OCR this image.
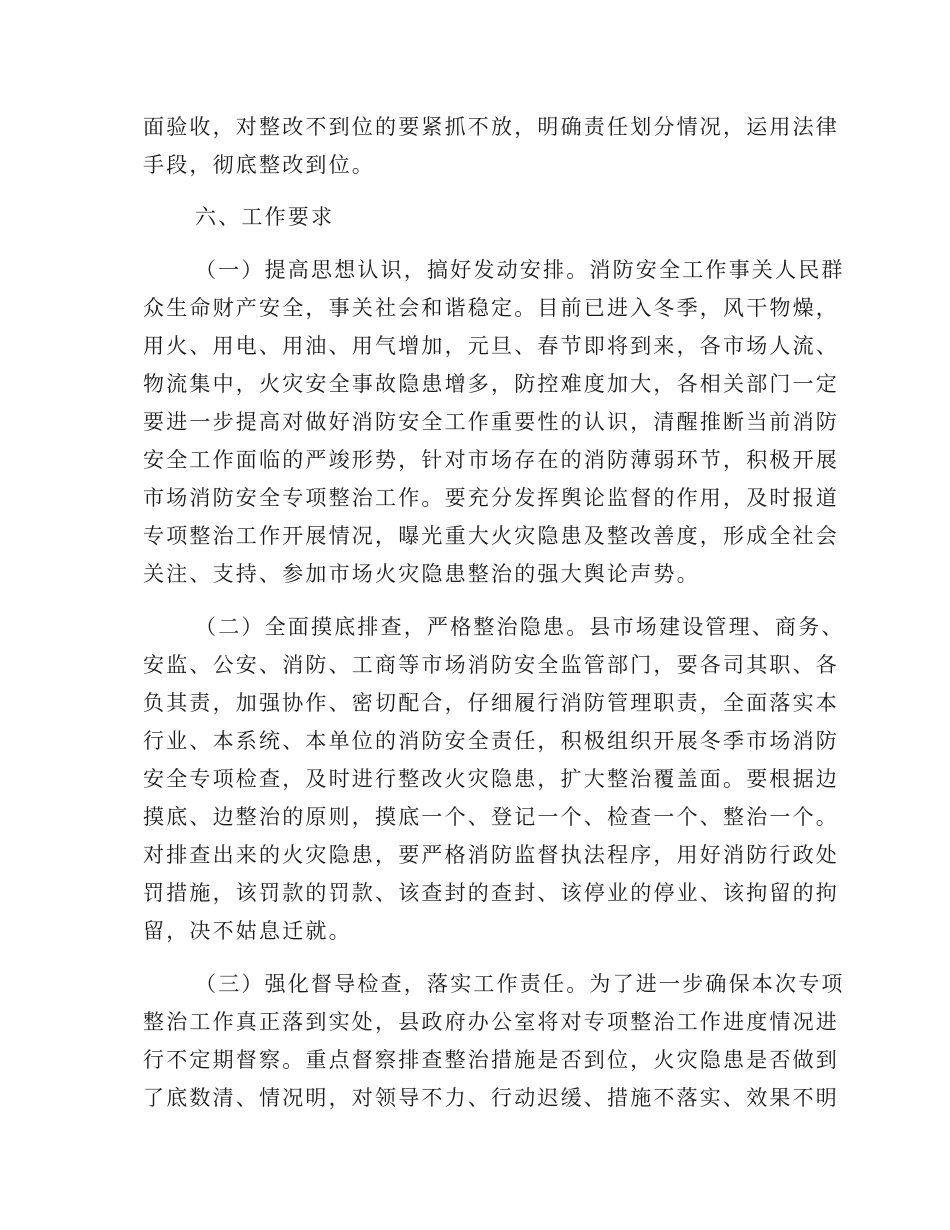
面验收，对整改不到位的要紧抓不放，明确责任划分情况，运用法律
手段，彻底整改到位。
六、工作要求
（一）提高思想认识，搞好发动安排。消防安全工作事关人民群
众生命财产安全，事关社会和谐稳定。目前已进入冬季，风干物燥，
用火、用电、用油、用气增加，元旦、春节即将到来，各市场人流、
物流集中，火灾安全事故隐患增多，防控难度加大，各相关部门一定
要进一步提高对做好消防安全工作重要性的认识，清醒推断当前消防
安全工作面临的严竣形势，针对市场存在的消防薄弱环节，积极开展
市场消防安全专项整治工作。要充分发挥舆论监督的作用，及时报道
专项整治工作开展情况，曝光重大火灾隐患及整改善度，形成全社会
关注、支持、参加市场火灾隐患整治的强大舆论声势。
（二）全面摸底排查，严格整治隐患。县市场建设管理、商务、
安监、公安、消防、工商等市场消防安全监管部门，要各司其职、各
负其责，加强协作、密切配合，仔细履行消防管理职责，全面落实本
行业、本系统、本单位的消防安全责任，积极组织开展冬季市场消防
安全专项检查，及时进行整改火灾隐患，扩大整治覆盖面。要根据边
摸底、边整治的原则，摸底一个、登记一个、检查一个、整治一个。
对排查出来的火灾隐患，要严格消防监督执法程序，用好消防行政处
罚措施，该罚款的罚款、该查封的查封、该停业的停业、该拘留的拘
留，决不姑息迁就。
（三）强化督导检查，落实工作责任。为了进一步确保本次专项
整治工作真正落到实处，县政府办公室将对专项整治工作进度情况进
行不定期督察。重点督察排查整治措施是否到位，火灾隐患是否做到
了底数清、情况明，对领导不力、行动迟缓、措施不落实、效果不明
